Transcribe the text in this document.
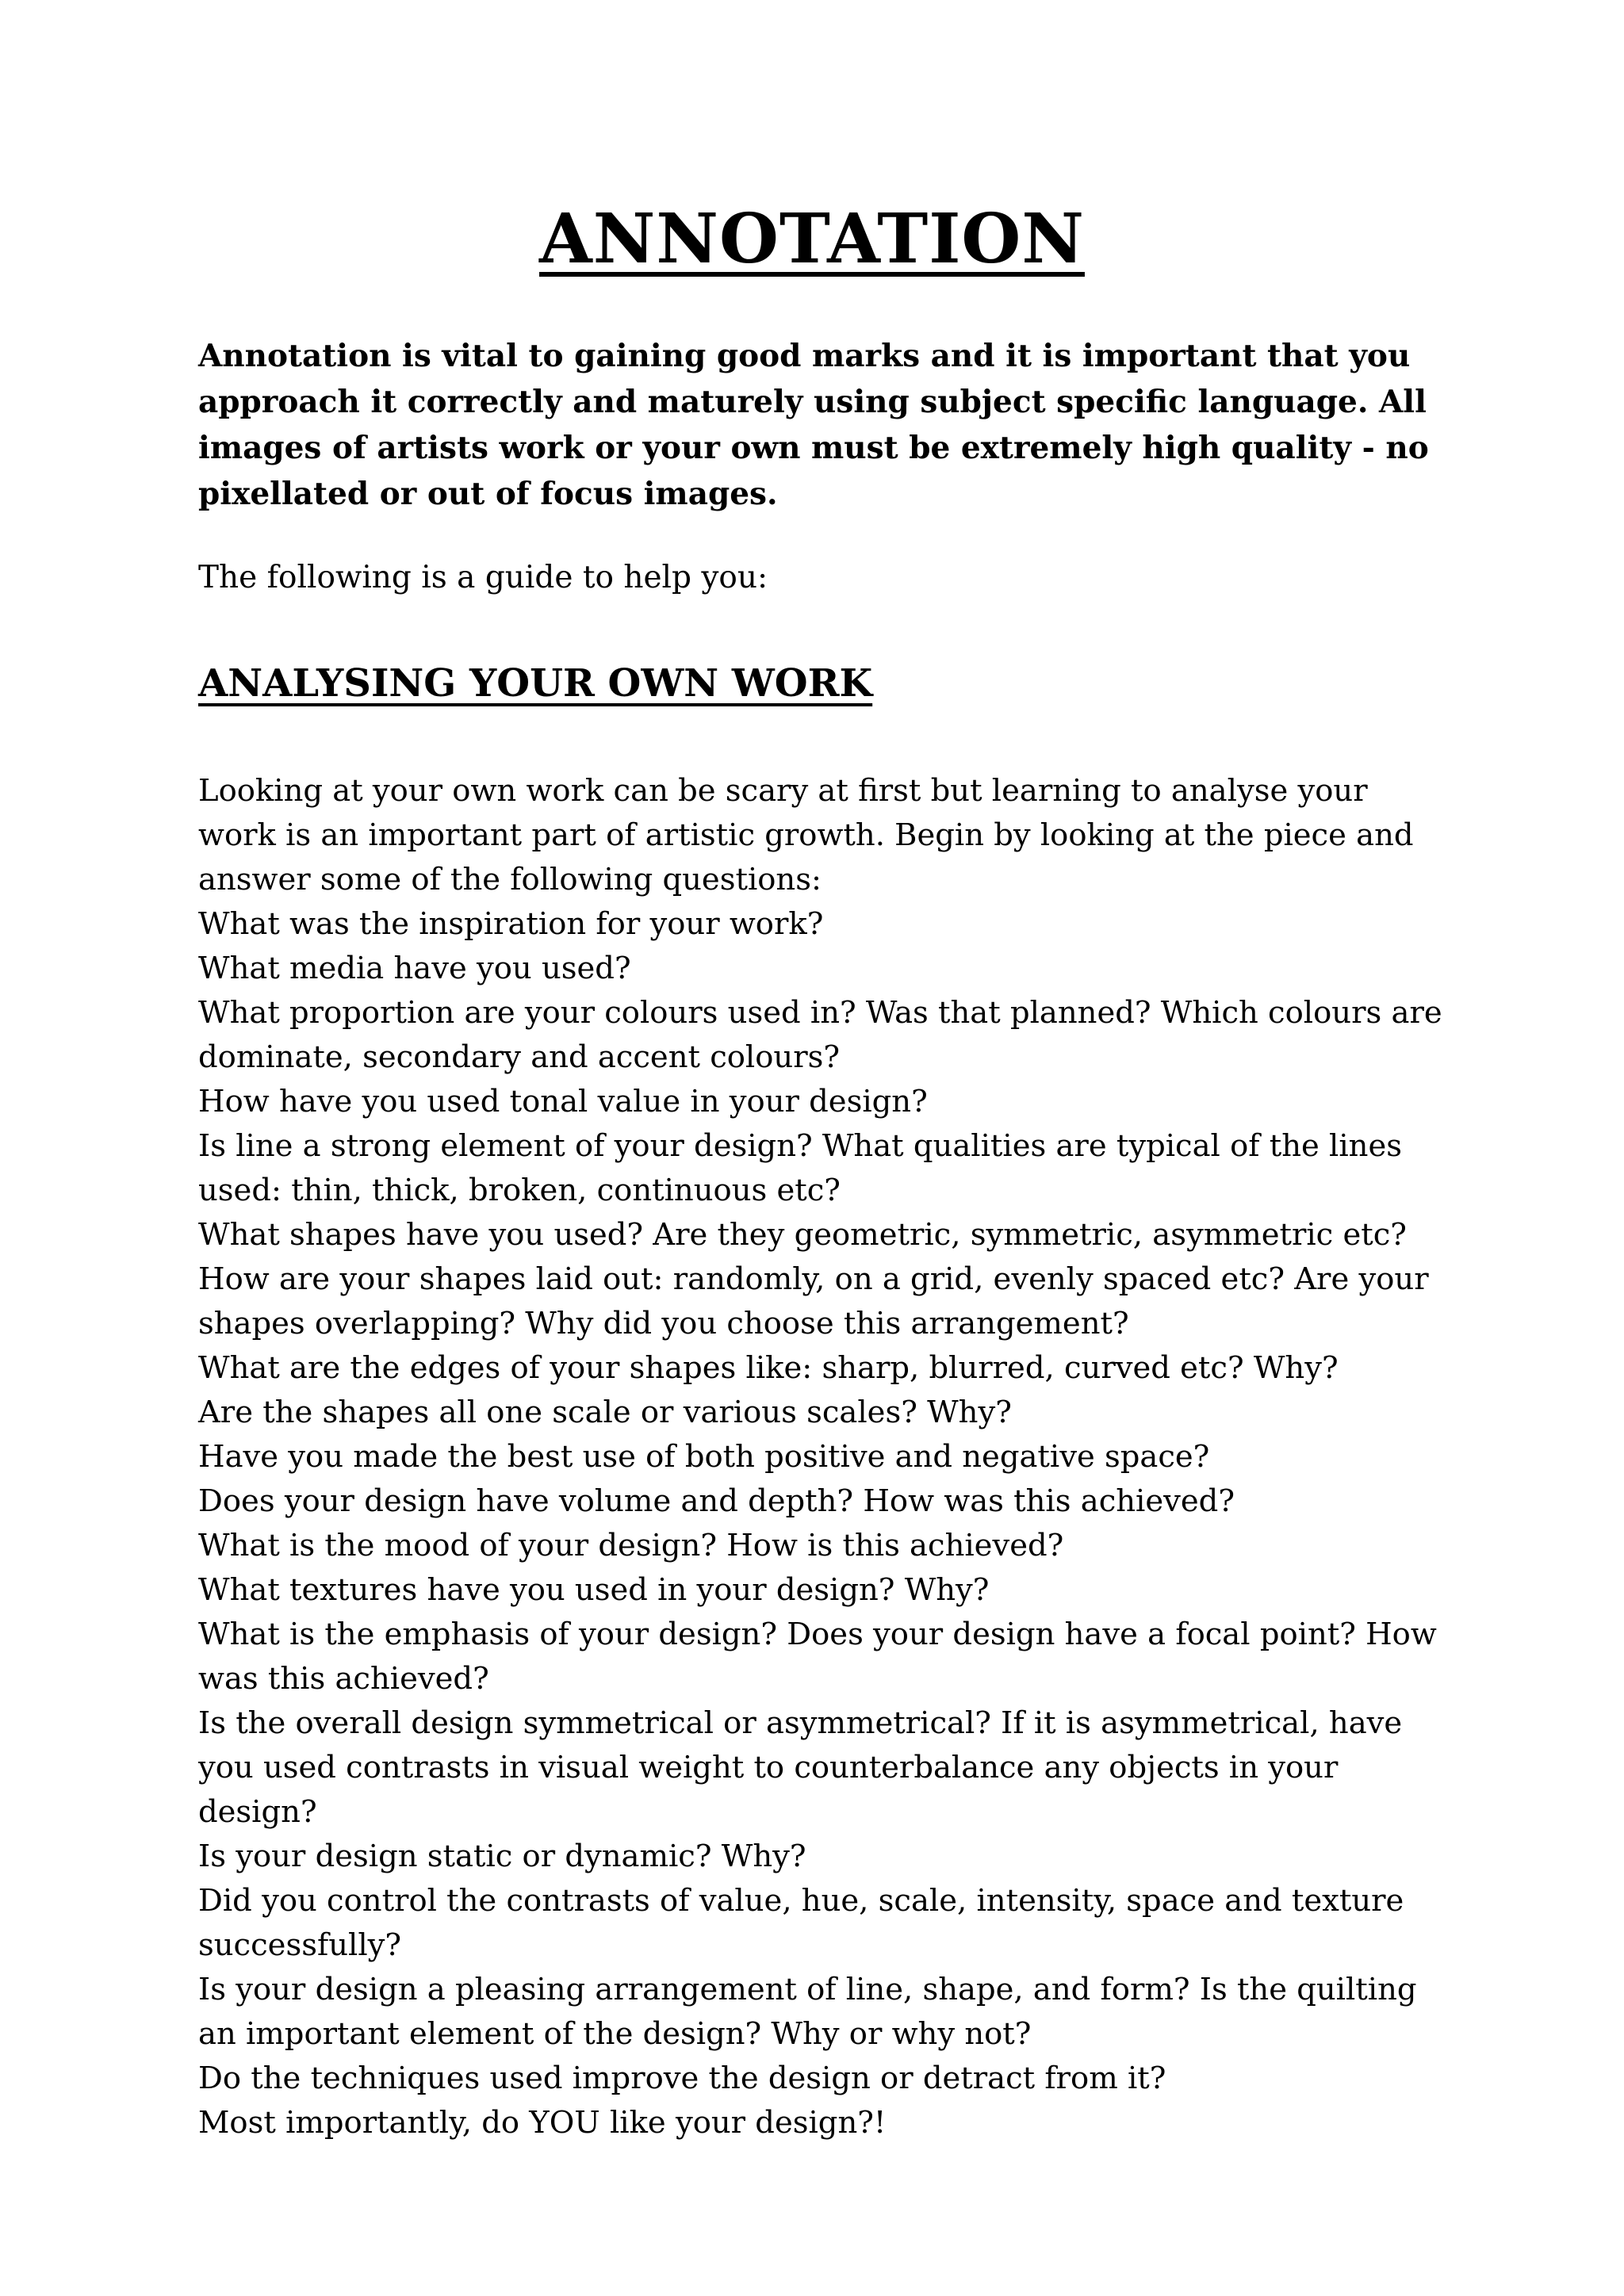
ANNOTATION

Annotation is vital to gaining good marks and it is important that you approach it correctly and maturely using subject specific language. All images of artists work or your own must be extremely high quality - no pixellated or out of focus images.

The following is a guide to help you:

ANALYSING YOUR OWN WORK

Looking at your own work can be scary at first but learning to analyse your work is an important part of artistic growth. Begin by looking at the piece and answer some of the following questions:

What was the inspiration for your work?

What media have you used?

What proportion are your colours used in? Was that planned? Which colours are dominate, secondary and accent colours?

How have you used tonal value in your design?

Is line a strong element of your design? What qualities are typical of the lines used: thin, thick, broken, continuous etc?

What shapes have you used? Are they geometric, symmetric, asymmetric etc?

How are your shapes laid out: randomly, on a grid, evenly spaced etc? Are your shapes overlapping? Why did you choose this arrangement?

What are the edges of your shapes like: sharp, blurred, curved etc? Why?

Are the shapes all one scale or various scales? Why?

Have you made the best use of both positive and negative space?

Does your design have volume and depth? How was this achieved?

What is the mood of your design? How is this achieved?

What textures have you used in your design? Why?

What is the emphasis of your design? Does your design have a focal point? How was this achieved?

Is the overall design symmetrical or asymmetrical? If it is asymmetrical, have you used contrasts in visual weight to counterbalance any objects in your design?

Is your design static or dynamic? Why?

Did you control the contrasts of value, hue, scale, intensity, space and texture successfully?

Is your design a pleasing arrangement of line, shape, and form? Is the quilting an important element of the design? Why or why not?

Do the techniques used improve the design or detract from it?

Most importantly, do YOU like your design?!
